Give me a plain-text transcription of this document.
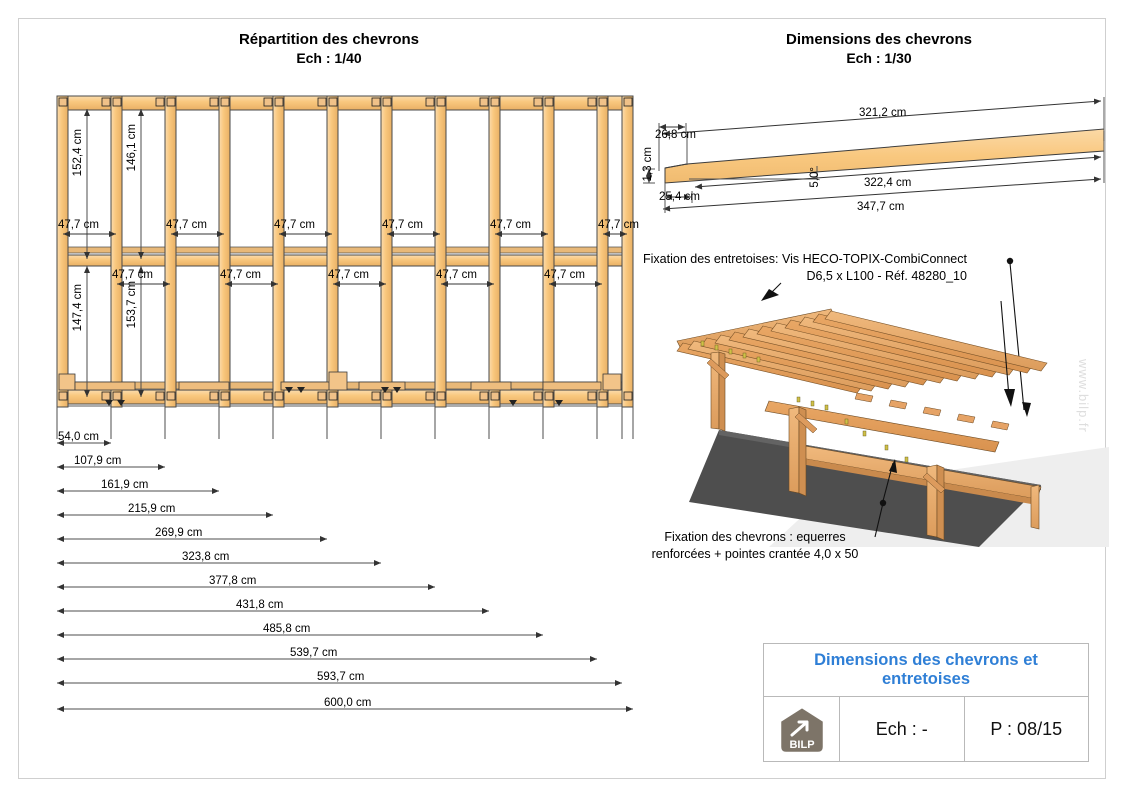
Répartition des chevrons
Ech : 1/40
Dimensions des chevrons
Ech : 1/30
152,4 cm	146,1 cm
147,4 cm	153,7 cm
47,7 cm	47,7 cm	47,7 cm	47,7 cm	47,7 cm	47,7 cm
47,7 cm	47,7 cm	47,7 cm	47,7 cm	47,7 cm
54,0 cm
107,9 cm
161,9 cm
215,9 cm
269,9 cm
323,8 cm
377,8 cm
431,8 cm
485,8 cm
539,7 cm
593,7 cm
600,0 cm
321,2 cm
26,8 cm
1,3 cm	5,0°	322,4 cm
25,4 cm
347,7 cm
Fixation des entretoises: Vis HECO-TOPIX-CombiConnect
D6,5 x L100 - Réf. 48280_10
Fixation des chevrons : equerres
renforcées + pointes crantée 4,0 x 50
www.bilp.fr
Dimensions des chevrons et entretoises
BILP
Ech : -	P : 08/15
